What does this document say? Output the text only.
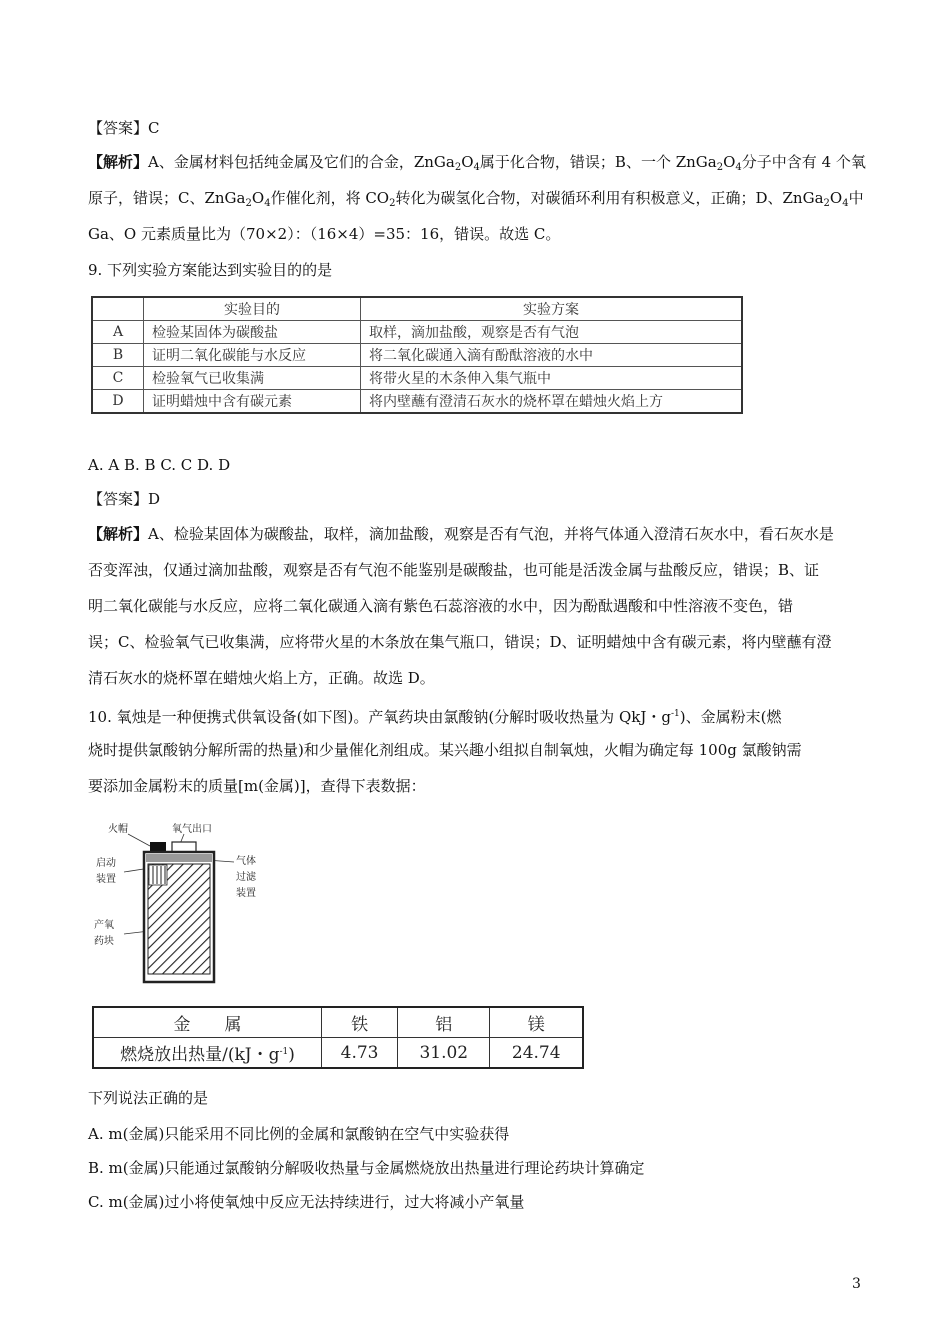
【答案】C
【解析】A、金属材料包括纯金属及它们的合金，$ZnGa_2O_4$属于化合物，错误；B、一个 $ZnGa_2O_4$分子中含有 4 个氧
原子，错误；C、$ZnGa_2O_4$作催化剂，将 $CO_2$转化为碳氢化合物，对碳循环利用有积极意义，正确；D、$ZnGa_2O_4$中
Ga、O 元素质量比为（70×2）：（16×4）=35：16，错误。故选 C。
9. 下列实验方案能达到实验目的的是
	实验目的	实验方案
A	检验某固体为碳酸盐	取样，滴加盐酸，观察是否有气泡
B	证明二氧化碳能与水反应	将二氧化碳通入滴有酚酞溶液的水中
C	检验氧气已收集满	将带火星的木条伸入集气瓶中
D	证明蜡烛中含有碳元素	将内壁蘸有澄清石灰水的烧杯罩在蜡烛火焰上方
A. A B. B C. C D. D
【答案】D
【解析】A、检验某固体为碳酸盐，取样，滴加盐酸，观察是否有气泡，并将气体通入澄清石灰水中，看石灰水是
否变浑浊，仅通过滴加盐酸，观察是否有气泡不能鉴别是碳酸盐，也可能是活泼金属与盐酸反应，错误；B、证
明二氧化碳能与水反应，应将二氧化碳通入滴有紫色石蕊溶液的水中，因为酚酞遇酸和中性溶液不变色，错
误；C、检验氧气已收集满，应将带火星的木条放在集气瓶口，错误；D、证明蜡烛中含有碳元素，将内壁蘸有澄
清石灰水的烧杯罩在蜡烛火焰上方，正确。故选 D。
10. 氧烛是一种便携式供氧设备(如下图)。产氧药块由氯酸钠(分解时吸收热量为 QkJ・$g^{-1}$)、金属粉末(燃
烧时提供氯酸钠分解所需的热量)和少量催化剂组成。某兴趣小组拟自制氧烛，火帽为确定每 100g 氯酸钠需
要添加金属粉末的质量[m(金属)]，查得下表数据：
火帽	氧气出口
启动
装置
气体
过滤
装置
产氧
药块
金　　属	铁	铝	镁
燃烧放出热量/(kJ・$g^{-1}$)	4.73	31.02	24.74
下列说法正确的是
A. m(金属)只能采用不同比例的金属和氯酸钠在空气中实验获得
B. m(金属)只能通过氯酸钠分解吸收热量与金属燃烧放出热量进行理论药块计算确定
C. m(金属)过小将使氧烛中反应无法持续进行，过大将减小产氧量
3
